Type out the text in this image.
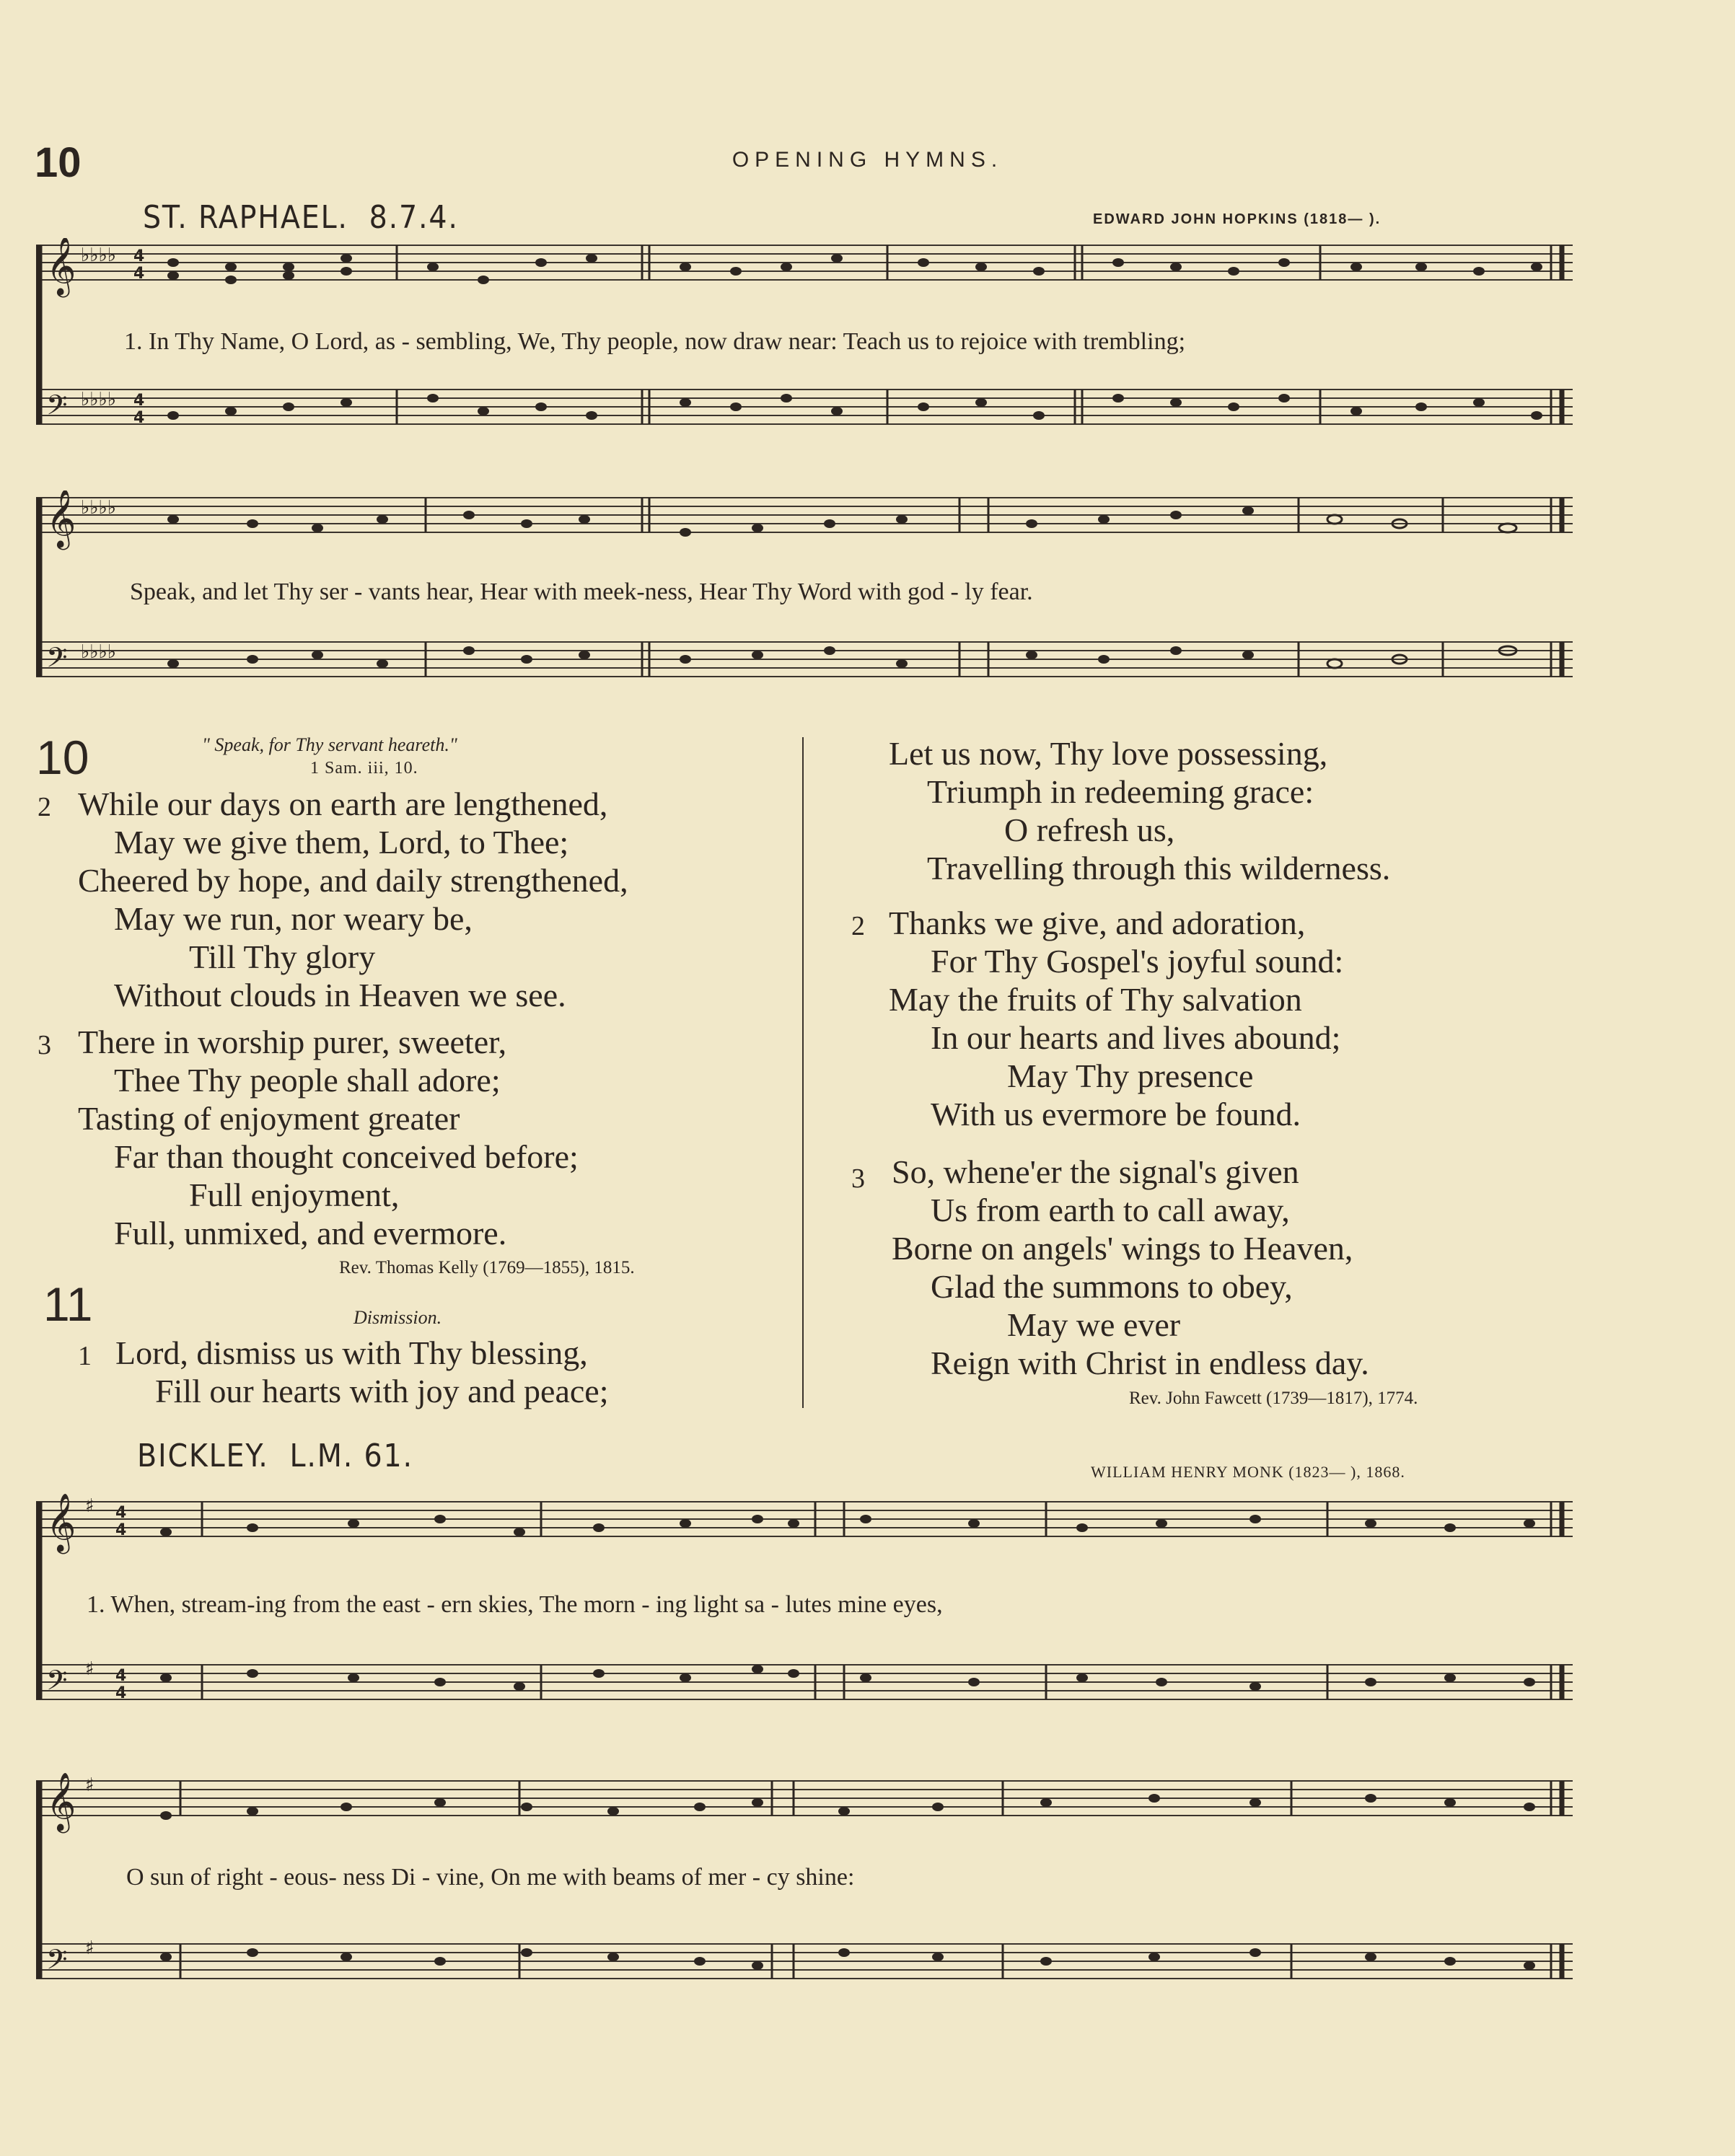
10	OPENING HYMNS.
ST. RAPHAEL. 8.7.4.	EDWARD JOHN HOPKINS (1818— ).
𝄞
𝄢
♭♭♭♭
♭♭♭♭
4
4
4
4
1. In Thy Name, O Lord, as - sembling, We, Thy people, now draw near: Teach us to rejoice with trembling;
𝄞
𝄢
♭♭♭♭
♭♭♭♭
Speak, and let Thy ser - vants hear, Hear with meek-ness, Hear Thy Word with god - ly fear.
10	" Speak, for Thy servant heareth."
1 Sam. iii, 10.
2 While our days on earth are lengthened,
May we give them, Lord, to Thee;
Cheered by hope, and daily strengthened,
May we run, nor weary be,
Till Thy glory
Without clouds in Heaven we see.
3 There in worship purer, sweeter,
Thee Thy people shall adore;
Tasting of enjoyment greater
Far than thought conceived before;
Full enjoyment,
Full, unmixed, and evermore.
Rev. Thomas Kelly (1769—1855), 1815.
11	Dismission.
1 Lord, dismiss us with Thy blessing,
Fill our hearts with joy and peace;
Let us now, Thy love possessing,
Triumph in redeeming grace:
O refresh us,
Travelling through this wilderness.
2 Thanks we give, and adoration,
For Thy Gospel's joyful sound:
May the fruits of Thy salvation
In our hearts and lives abound;
May Thy presence
With us evermore be found.
3 So, whene'er the signal's given
Us from earth to call away,
Borne on angels' wings to Heaven,
Glad the summons to obey,
May we ever
Reign with Christ in endless day.
Rev. John Fawcett (1739—1817), 1774.
BICKLEY. L.M. 61.	WILLIAM HENRY MONK (1823— ), 1868.
𝄞
𝄢
♯
♯
4
4
4
4
1. When, stream-ing from the east - ern skies, The morn - ing light sa - lutes mine eyes,
𝄞
𝄢
♯
♯
O sun of right - eous- ness Di - vine, On me with beams of mer - cy shine:
